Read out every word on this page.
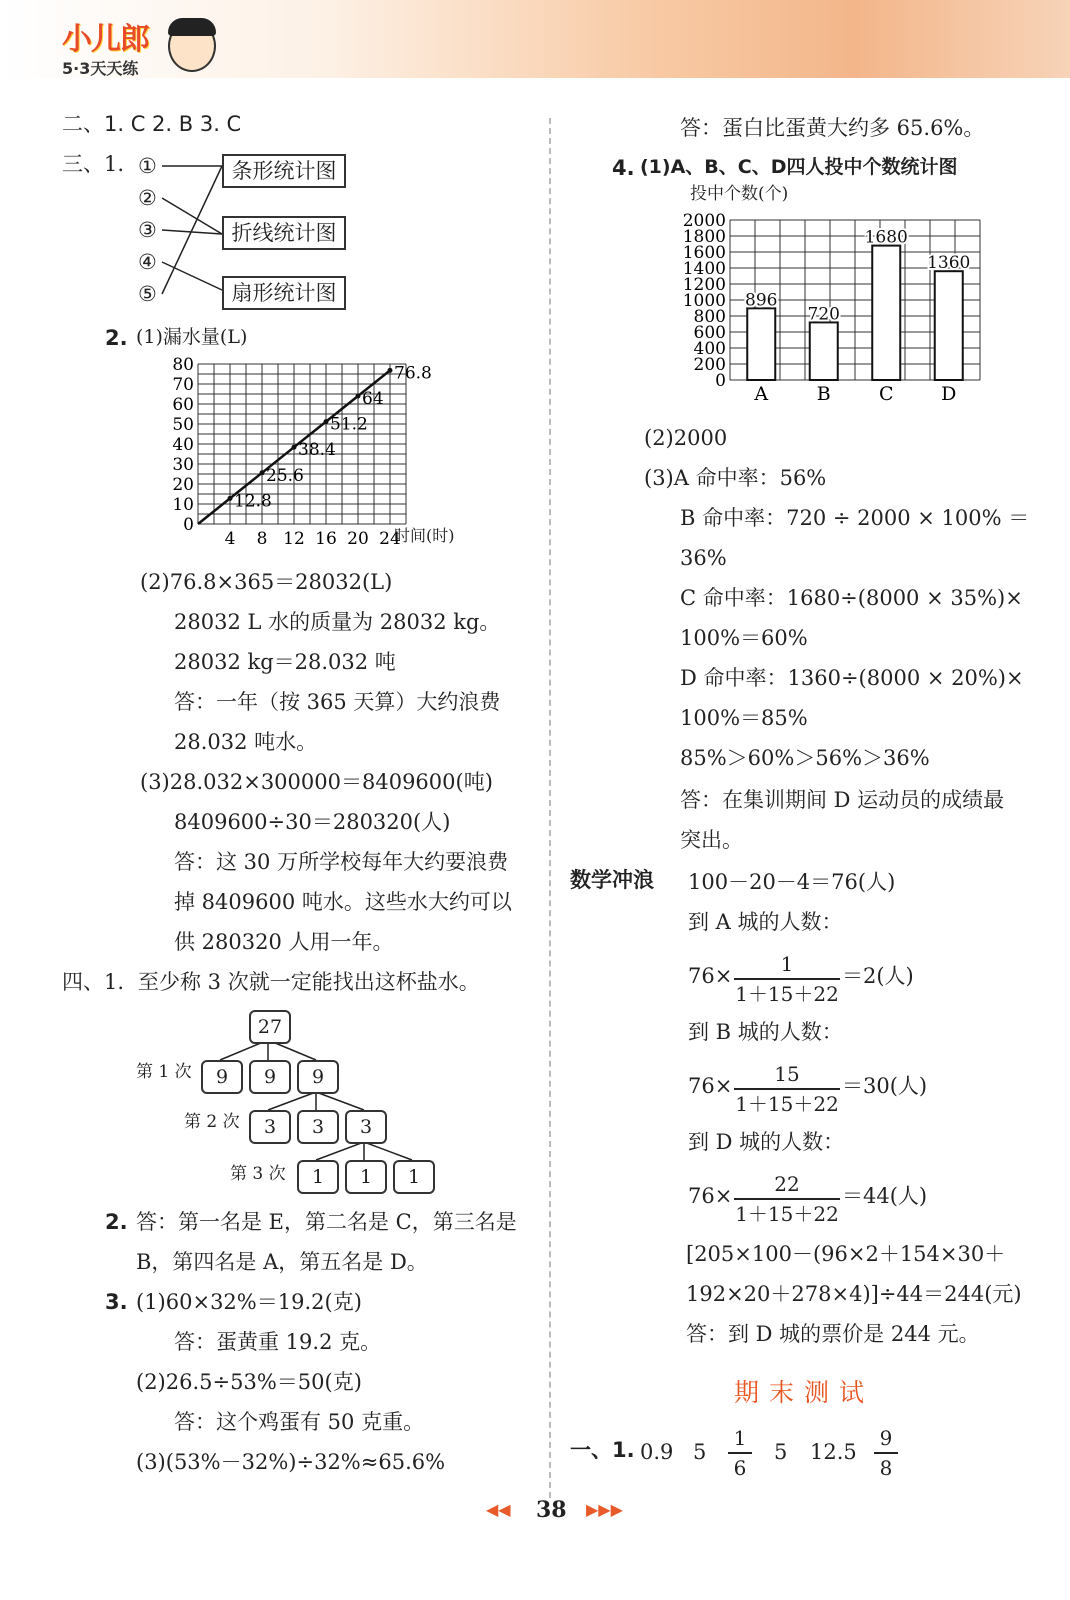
小儿郎
5·3天天练
二、1. C 2. B 3. C
三、1. ①
②
③
④
⑤
条形统计图
折线统计图
扇形统计图
2. (1)漏水量(L)
0
10
20
30
40
50
60
70
80
4 8 12 16 20 24
12.8
25.6
38.4
51.2
64
76.8
时间(时)
(2)76.8×365＝28032(L)
28032 L 水的质量为 28032 kg。
28032 kg＝28.032 吨
答：一年（按 365 天算）大约浪费
28.032 吨水。
(3)28.032×300000＝8409600(吨)
8409600÷30＝280320(人)
答：这 30 万所学校每年大约要浪费
掉 8409600 吨水。这些水大约可以
供 280320 人用一年。
四、1. 至少称 3 次就一定能找出这杯盐水。
27
第 1 次	9	9	9
第 2 次	3	3	3
第 3 次	1	1	1
2. 答：第一名是 E，第二名是 C，第三名是
B，第四名是 A，第五名是 D。
3. (1)60×32%＝19.2(克)
答：蛋黄重 19.2 克。
(2)26.5÷53%＝50(克)
答：这个鸡蛋有 50 克重。
(3)(53%－32%)÷32%≈65.6%
答：蛋白比蛋黄大约多 65.6%。
4. (1)A、B、C、D四人投中个数统计图
投中个数(个)
0
200
400
600
800
1000
1200
1400
1600
1800
2000
896
A
720
B
1680
C
1360
D
(2)2000
(3)A 命中率：56%
B 命中率：720 ÷ 2000 × 100% ＝
36%
C 命中率：1680÷(8000 × 35%)×
100%＝60%
D 命中率：1360÷(8000 × 20%)×
100%＝85%
85%＞60%＞56%＞36%
答：在集训期间 D 运动员的成绩最
突出。
数学冲浪 100－20－4＝76(人)
到 A 城的人数：
$76\times \frac{1}{1+15+22} =2$(人)
到 B 城的人数：
$76\times \frac{15}{1+15+22} =30$(人)
到 D 城的人数：
$76\times \frac{22}{1+15+22} =44$(人)
[205×100－(96×2＋154×30＋
192×20＋278×4)]÷44＝244(元)
答：到 D 城的票价是 244 元。
期末测试
一、1. 0.9 $5 \frac{1}{6} 5$ $12.5 \frac{9}{8}$
◀◀ 38 ▶▶▶
